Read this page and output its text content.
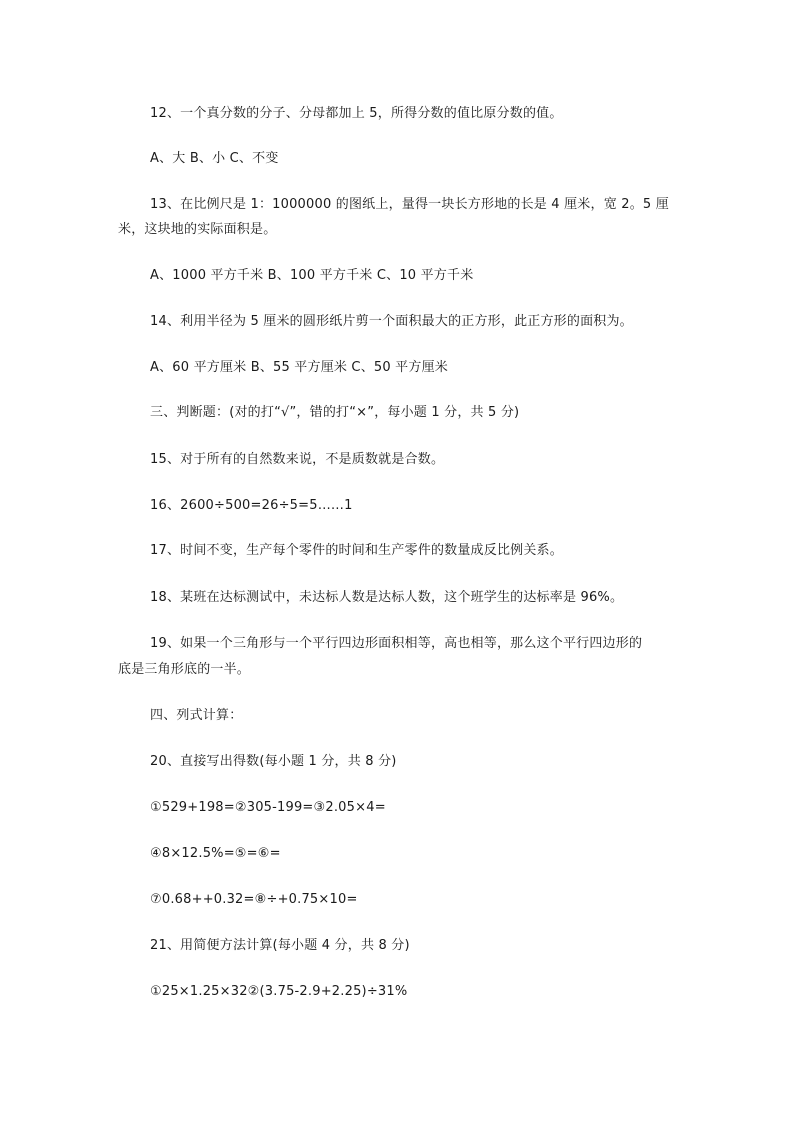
12、一个真分数的分子、分母都加上 5，所得分数的值比原分数的值。
A、大 B、小 C、不变
13、在比例尺是 1：1000000 的图纸上，量得一块长方形地的长是 4 厘米，宽 2。5 厘
米，这块地的实际面积是。
A、1000 平方千米 B、100 平方千米 C、10 平方千米
14、利用半径为 5 厘米的圆形纸片剪一个面积最大的正方形，此正方形的面积为。
A、60 平方厘米 B、55 平方厘米 C、50 平方厘米
三、判断题：(对的打“√”，错的打“×”，每小题 1 分，共 5 分)
15、对于所有的自然数来说，不是质数就是合数。
16、2600÷500=26÷5=5……1
17、时间不变，生产每个零件的时间和生产零件的数量成反比例关系。
18、某班在达标测试中，未达标人数是达标人数，这个班学生的达标率是 96%。
19、如果一个三角形与一个平行四边形面积相等，高也相等，那么这个平行四边形的
底是三角形底的一半。
四、列式计算：
20、直接写出得数(每小题 1 分，共 8 分)
①529+198=②305-199=③2.05×4=
④8×12.5%=⑤=⑥=
⑦0.68++0.32=⑧÷+0.75×10=
21、用简便方法计算(每小题 4 分，共 8 分)
①25×1.25×32②(3.75-2.9+2.25)÷31%
